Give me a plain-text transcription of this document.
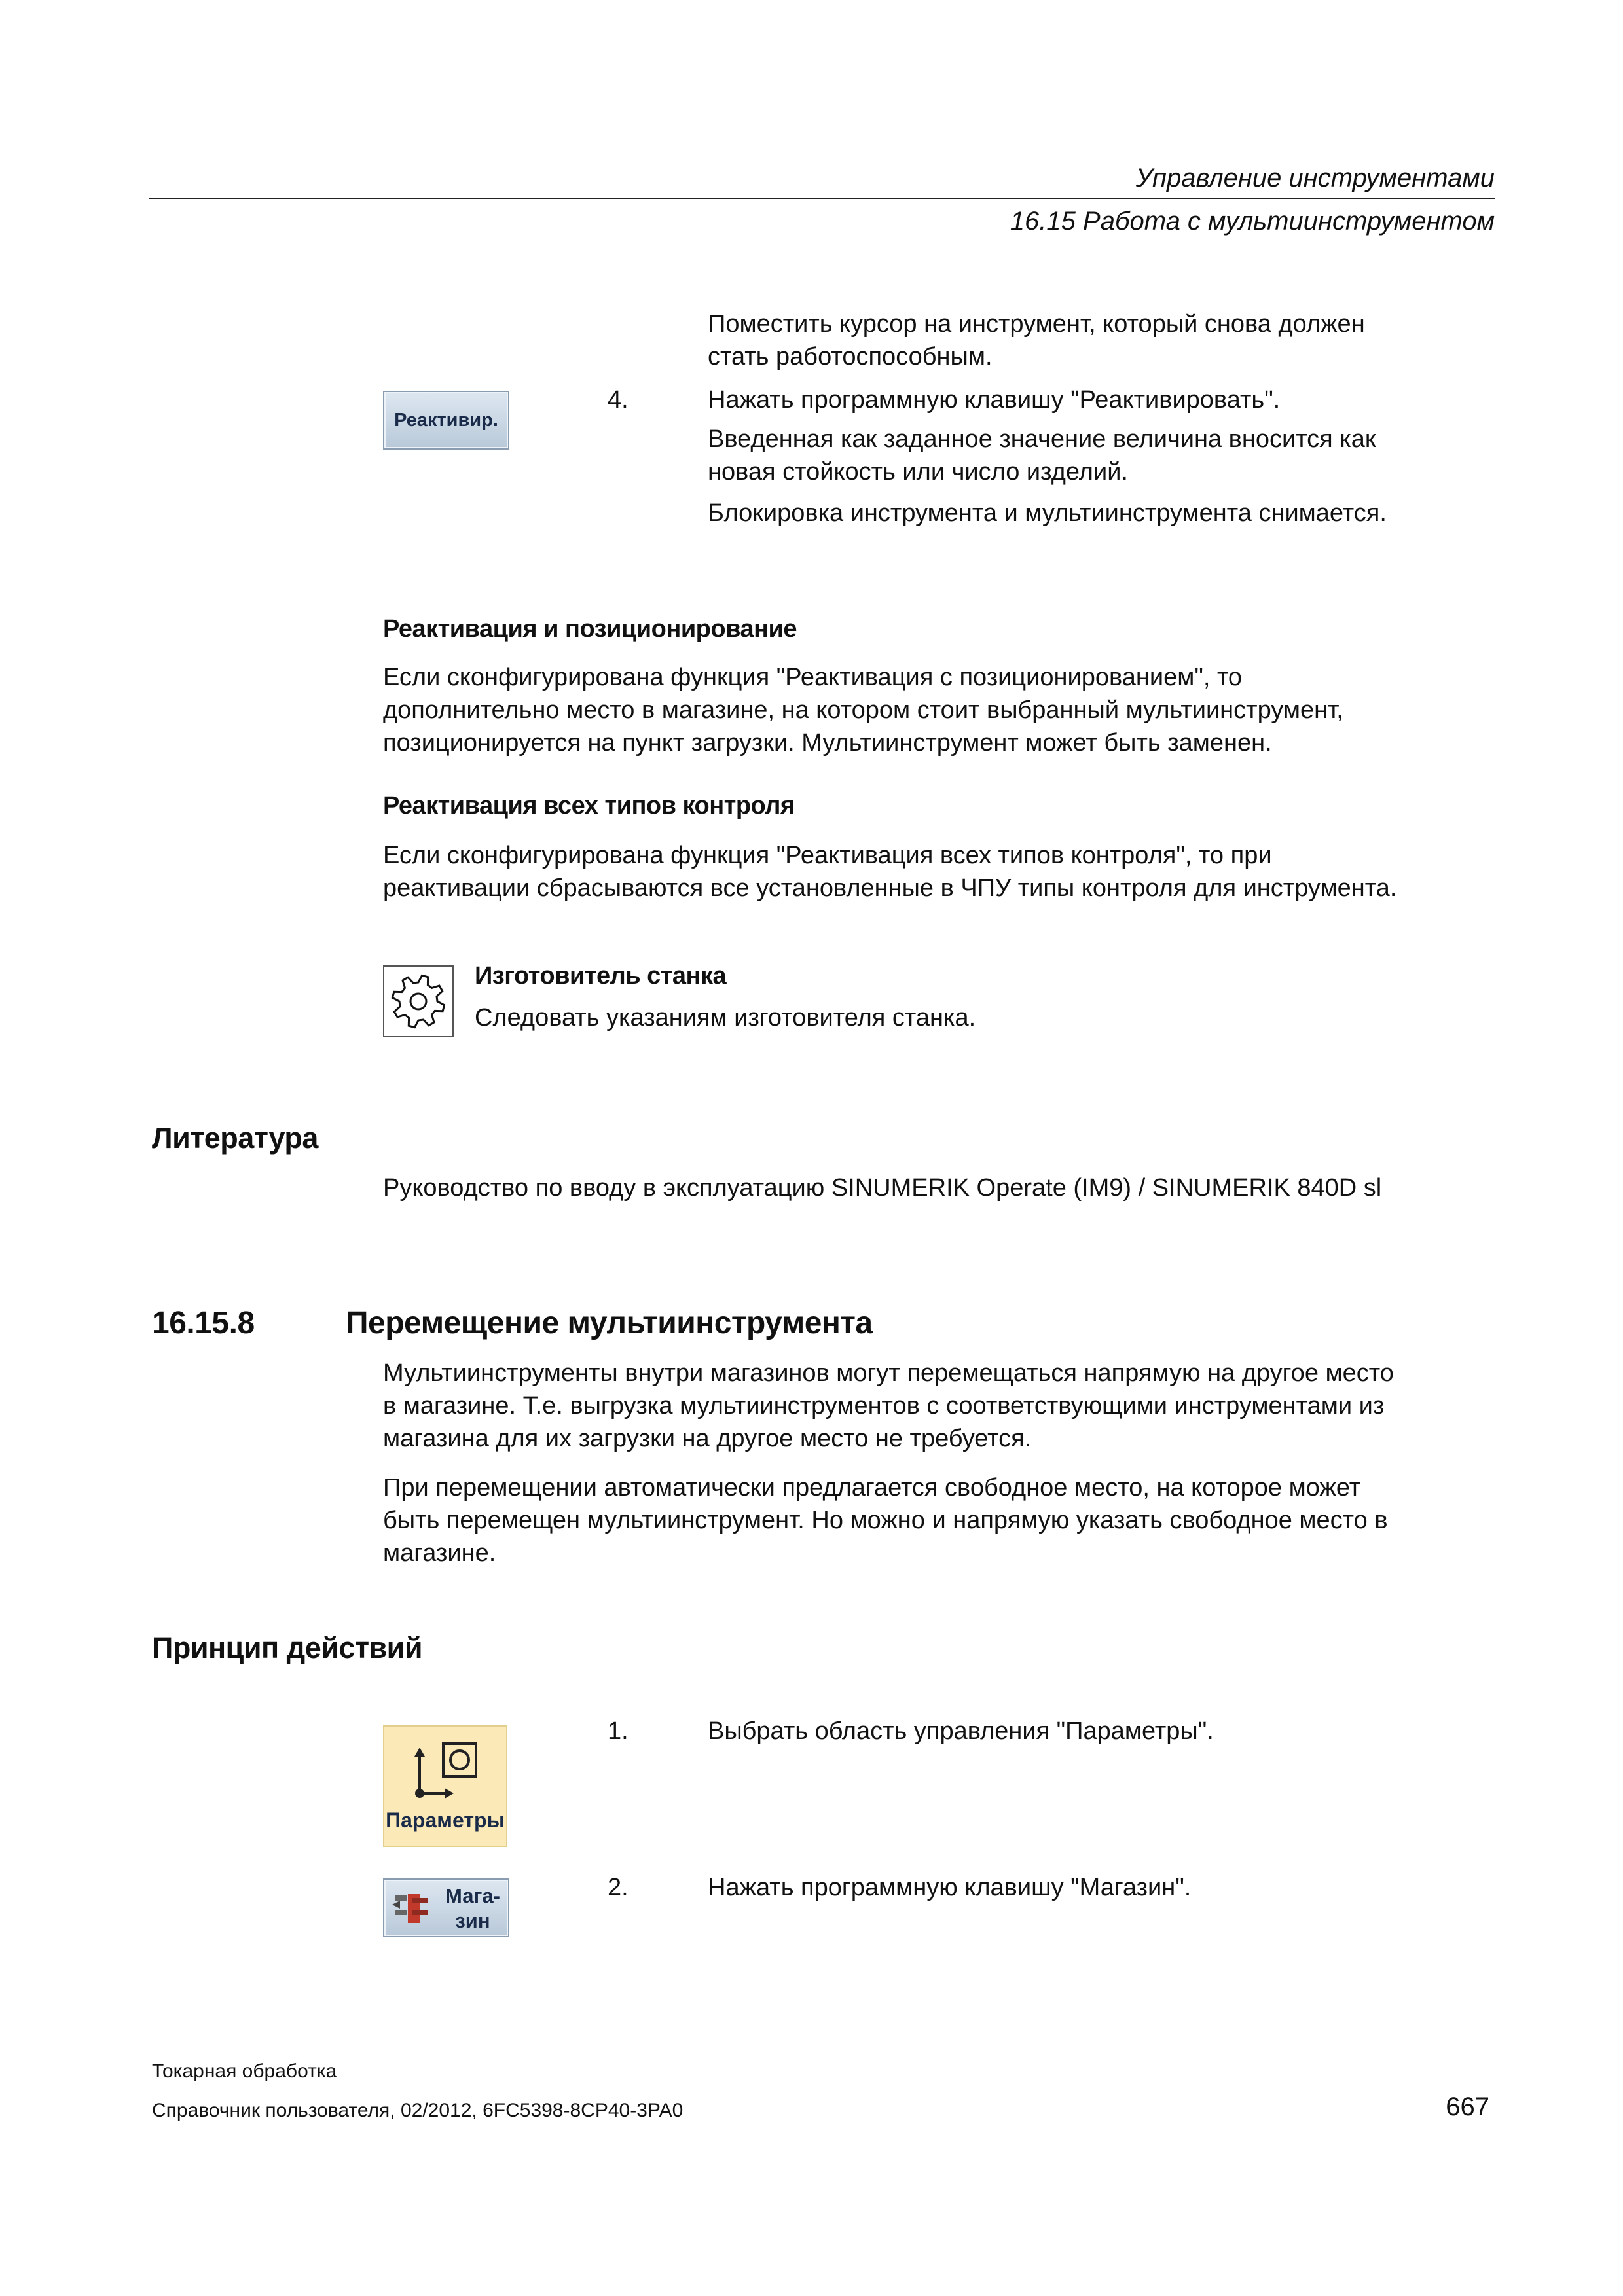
Управление инструментами
16.15 Работа с мультиинструментом
Поместить курсор на инструмент, который снова должен
стать работоспособным.
Реактивир.
4.	Нажать программную клавишу "Реактивировать".
Введенная как заданное значение величина вносится как
новая стойкость или число изделий.
Блокировка инструмента и мультиинструмента снимается.
Реактивация и позиционирование
Если сконфигурирована функция "Реактивация с позиционированием", то
дополнительно место в магазине, на котором стоит выбранный мультиинструмент,
позиционируется на пункт загрузки. Мультиинструмент может быть заменен.
Реактивация всех типов контроля
Если сконфигурирована функция "Реактивация всех типов контроля", то при
реактивации сбрасываются все установленные в ЧПУ типы контроля для инструмента.
Изготовитель станка
Следовать указаниям изготовителя станка.
Литература
Руководство по вводу в эксплуатацию SINUMERIK Operate (IM9) / SINUMERIK 840D sl
16.15.8	Перемещение мультиинструмента
Мультиинструменты внутри магазинов могут перемещаться напрямую на другое место
в магазине. Т.е. выгрузка мультиинструментов с соответствующими инструментами из
магазина для их загрузки на другое место не требуется.
При перемещении автоматически предлагается свободное место, на которое может
быть перемещен мультиинструмент. Но можно и напрямую указать свободное место в
магазине.
Принцип действий
Параметры
1.	Выбрать область управления "Параметры".
Мага-
зин
2.	Нажать программную клавишу "Магазин".
Токарная обработка
Справочник пользователя, 02/2012, 6FC5398-8CP40-3PA0	667
